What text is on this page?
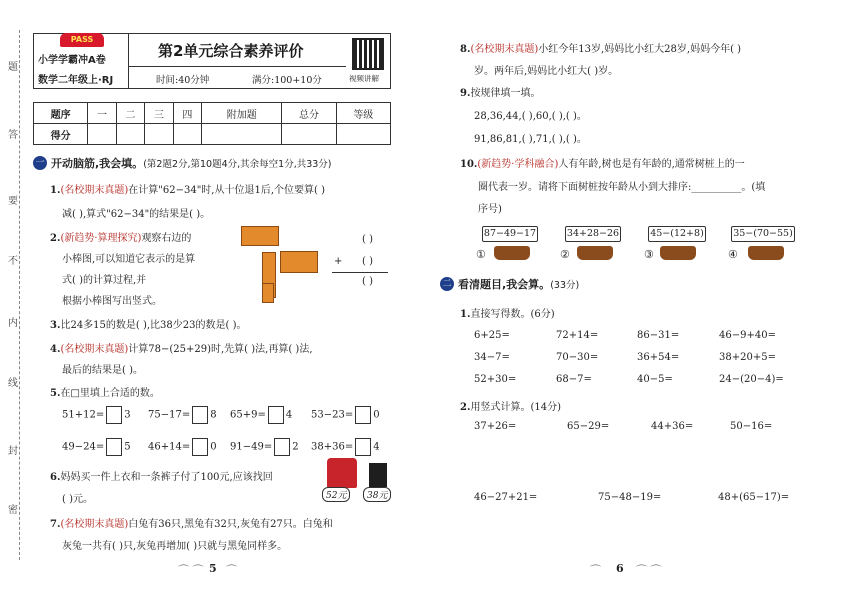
题
答
要
不
内
线
封
密
PASS
小学学霸冲A卷
数学二年级上·RJ
第2单元综合素养评价
时间:40分钟	满分:100+10分	视频讲解
题序	一	二	三	四	附加题	总分	等级
得分							
一 开动脑筋,我会填。 (第2题2分,第10题4分,其余每空1分,共33分)
1.(名校期末真题)在计算"62−34"时,从十位退1后,个位要算( )
减( ),算式"62−34"的结果是( )。
2.(新趋势·算理探究)观察右边的
小棒图,可以知道它表示的是算
式( )的计算过程,并
根据小棒图写出竖式。
( )
+ ( )
( )
3.比24多15的数是( ),比38少23的数是( )。
4.(名校期末真题)计算78−(25+29)时,先算( )法,再算( )法,
最后的结果是( )。
5.在□里填上合适的数。
51+12= 3 75−17= 8 65+9= 4 53−23= 0
49−24= 5 46+14= 0 91−49= 2 38+36= 4
6.妈妈买一件上衣和一条裤子付了100元,应该找回
( )元。	52元	38元
7.(名校期末真题)白兔有36只,黑兔有32只,灰兔有27只。白兔和
灰兔一共有( )只,灰兔再增加( )只就与黑兔同样多。
⌒ ⌒ 5 ⌒
8.(名校期末真题)小红今年13岁,妈妈比小红大28岁,妈妈今年( )
岁。两年后,妈妈比小红大( )岁。
9.按规律填一填。
28,36,44,( ),60,( ),( )。
91,86,81,( ),71,( ),( )。
10.(新趋势·学科融合)人有年龄,树也是有年龄的,通常树桩上的一
圈代表一岁。请将下面树桩按年龄从小到大排序:__________。(填
序号)
87−49−17
①
34+28−26
②
45−(12+8)
③
35−(70−55)
④
二 看清题目,我会算。 (33分)
1.直接写得数。(6分)
6+25=	72+14=	86−31=	46−9+40=
34−7=	70−30=	36+54=	38+20+5=
52+30=	68−7=	40−5=	24−(20−4)=
2.用竖式计算。(14分)
37+26=	65−29=	44+36=	50−16=
46−27+21=	75−48−19=	48+(65−17)=
⌒ 6 ⌒ ⌒
